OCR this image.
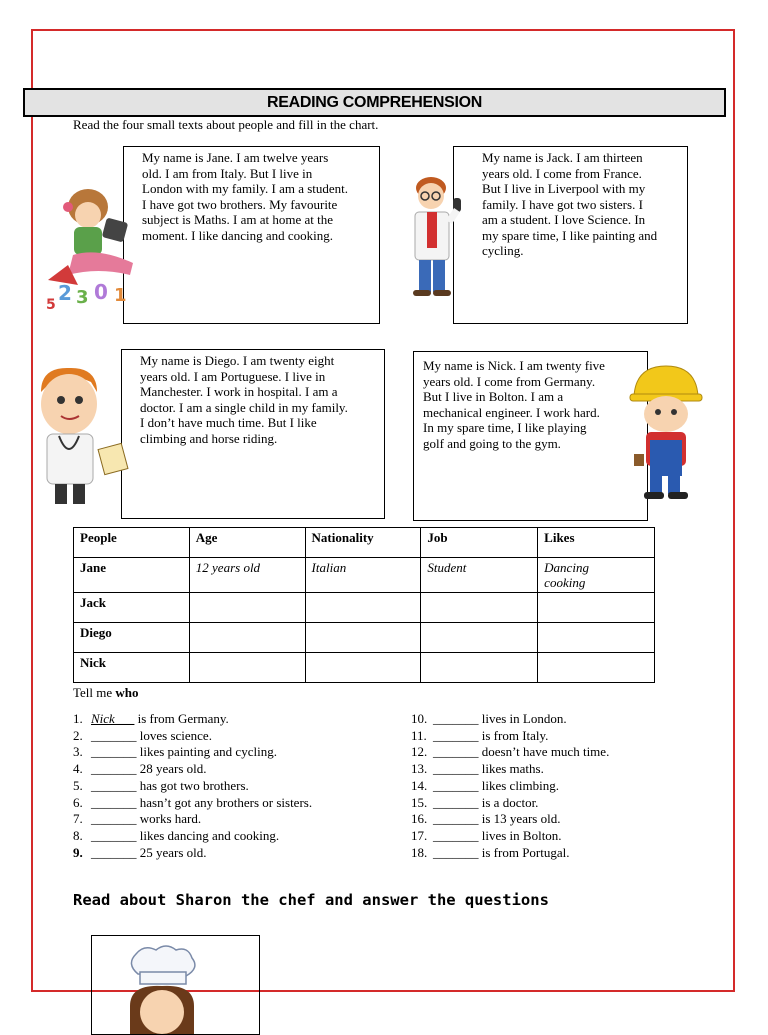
READING COMPREHENSION
Read the four small texts about people and fill in the chart.

My name is Jane. I am twelve years

old. I am from Italy. But I live in

London with my family. I am a student.

I have got two brothers. My favourite

subject is Maths. I am at home at the

moment. I like dancing and cooking.

2 3 0 1
5

My name is Jack. I am thirteen

years old. I come from France.

But I live in Liverpool with my

family. I have got two sisters. I

am a student. I love Science. In

my spare time, I like painting and

cycling.

My name is Diego. I am twenty eight

years old. I am Portuguese. I live in

Manchester. I work in hospital. I am a

doctor. I am a single child in my family.

I don’t have much time. But I like

climbing and horse riding.

My name is Nick. I am twenty five

years old. I come from Germany.

But I live in Bolton. I am a

mechanical engineer. I work hard.

In my spare time, I like playing

golf and going to the gym.

People	Age	Nationality	Job	Likes
Jane	12 years old	Italian	Student	Dancing
cooking

Jack				
Diego				
Nick				
Tell me who
1. Nick___ is from Germany.
2. _______ loves science.
3. _______ likes painting and cycling.
4. _______ 28 years old.
5. _______ has got two brothers.
6. _______ hasn’t got any brothers or sisters.
7. _______ works hard.
8. _______ likes dancing and cooking.
9. _______ 25 years old.
10. _______ lives in London.
11. _______ is from Italy.
12. _______ doesn’t have much time.
13. _______ likes maths.
14. _______ likes climbing.
15. _______ is a doctor.
16. _______ is 13 years old.
17. _______ lives in Bolton.
18. _______ is from Portugal.
Read about Sharon the chef and answer the questions
